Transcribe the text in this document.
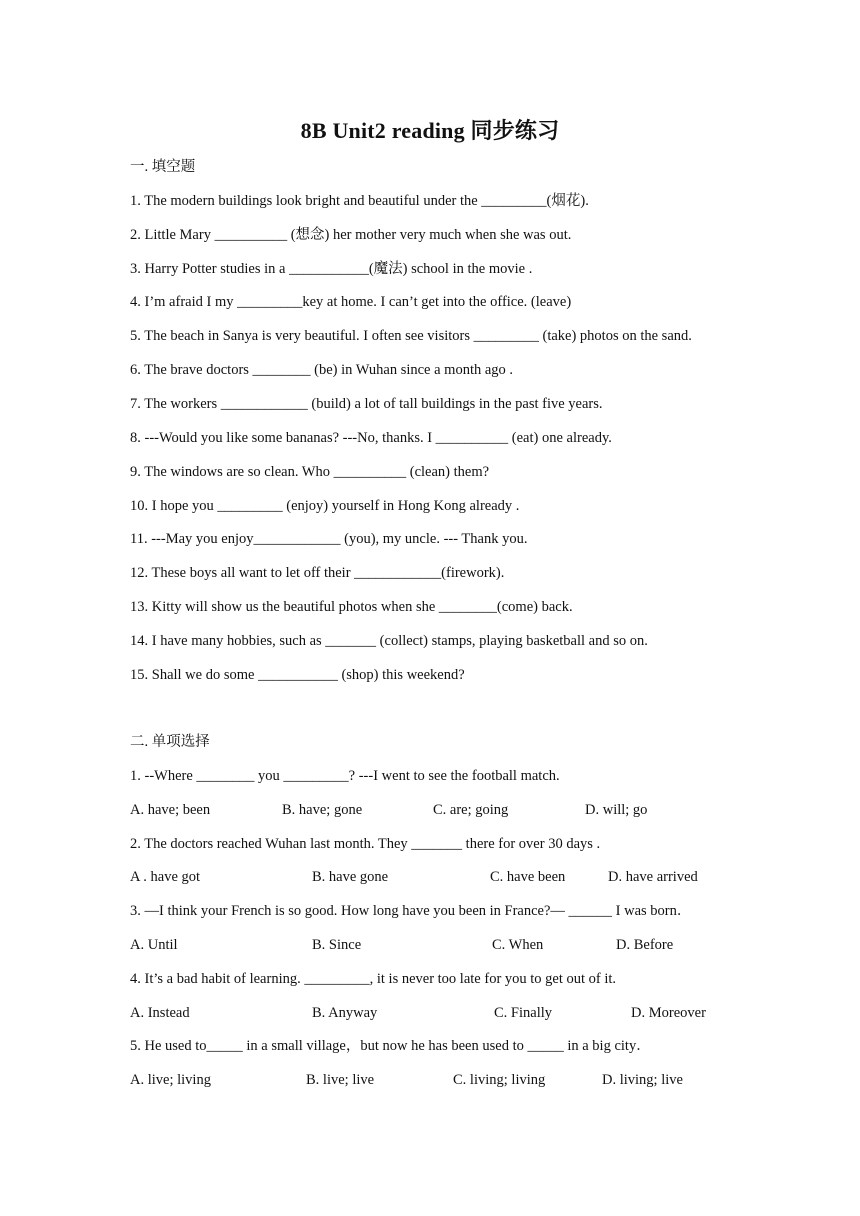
8B Unit2 reading 同步练习
一. 填空题
1. The modern buildings look bright and beautiful under the _________(烟花).
2. Little Mary __________ (想念) her mother very much when she was out.
3. Harry Potter studies in a ___________(魔法) school in the movie .
4. I’m afraid I my _________key at home. I can’t get into the office. (leave)
5. The beach in Sanya is very beautiful. I often see visitors _________ (take) photos on the sand.
6. The brave doctors ________ (be) in Wuhan since a month ago .
7. The workers ____________ (build) a lot of tall buildings in the past five years.
8. ---Would you like some bananas? ---No, thanks. I __________ (eat) one already.
9. The windows are so clean. Who __________ (clean) them?
10. I hope you _________ (enjoy) yourself in Hong Kong already .
11. ---May you enjoy____________ (you), my uncle. --- Thank you.
12. These boys all want to let off their ____________(firework).
13. Kitty will show us the beautiful photos when she ________(come) back.
14. I have many hobbies, such as _______ (collect) stamps, playing basketball and so on.
15. Shall we do some ___________ (shop) this weekend?
二. 单项选择
1. --Where ________ you _________? ---I went to see the football match.
A. have; been	B. have; gone	C. are; going	D. will; go
2. The doctors reached Wuhan last month. They _______ there for over 30 days .
A . have got	B. have gone	C. have been	D. have arrived
3. —I think your French is so good. How long have you been in France?— ______ I was born．
A. Until	B. Since	C. When	D. Before
4. It’s a bad habit of learning. _________, it is never too late for you to get out of it.
A. Instead	B. Anyway	C. Finally	D. Moreover
5. He used to_____ in a small village，but now he has been used to _____ in a big city．
A. live; living	B. live; live	C. living; living	D. living; live
